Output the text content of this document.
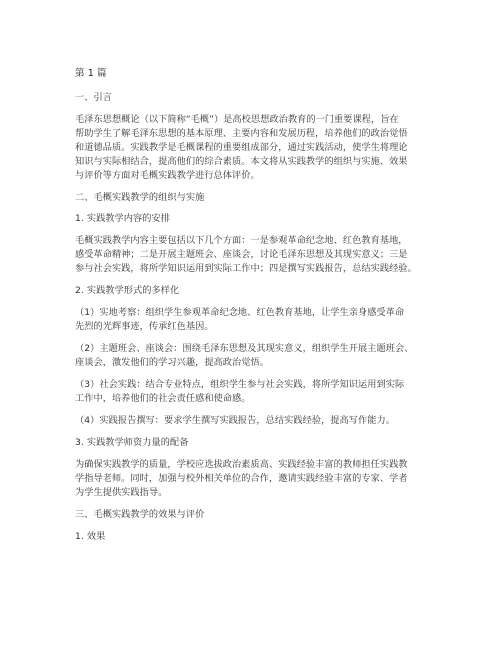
第 1 篇
一、引言
毛泽东思想概论（以下简称“毛概”）是高校思想政治教育的一门重要课程，旨在
帮助学生了解毛泽东思想的基本原理、主要内容和发展历程，培养他们的政治觉悟
和道德品质。实践教学是毛概课程的重要组成部分，通过实践活动，使学生将理论
知识与实际相结合，提高他们的综合素质。本文将从实践教学的组织与实施、效果
与评价等方面对毛概实践教学进行总体评价。
二、毛概实践教学的组织与实施
1. 实践教学内容的安排
毛概实践教学内容主要包括以下几个方面：一是参观革命纪念地、红色教育基地，
感受革命精神；二是开展主题班会、座谈会，讨论毛泽东思想及其现实意义；三是
参与社会实践，将所学知识运用到实际工作中；四是撰写实践报告，总结实践经验。
2. 实践教学形式的多样化
（1）实地考察：组织学生参观革命纪念地、红色教育基地，让学生亲身感受革命
先烈的光辉事迹，传承红色基因。
（2）主题班会、座谈会：围绕毛泽东思想及其现实意义，组织学生开展主题班会、
座谈会，激发他们的学习兴趣，提高政治觉悟。
（3）社会实践：结合专业特点，组织学生参与社会实践，将所学知识运用到实际
工作中，培养他们的社会责任感和使命感。
（4）实践报告撰写：要求学生撰写实践报告，总结实践经验，提高写作能力。
3. 实践教学师资力量的配备
为确保实践教学的质量，学校应选拔政治素质高、实践经验丰富的教师担任实践教
学指导老师。同时，加强与校外相关单位的合作，邀请实践经验丰富的专家、学者
为学生提供实践指导。
三、毛概实践教学的效果与评价
1. 效果
